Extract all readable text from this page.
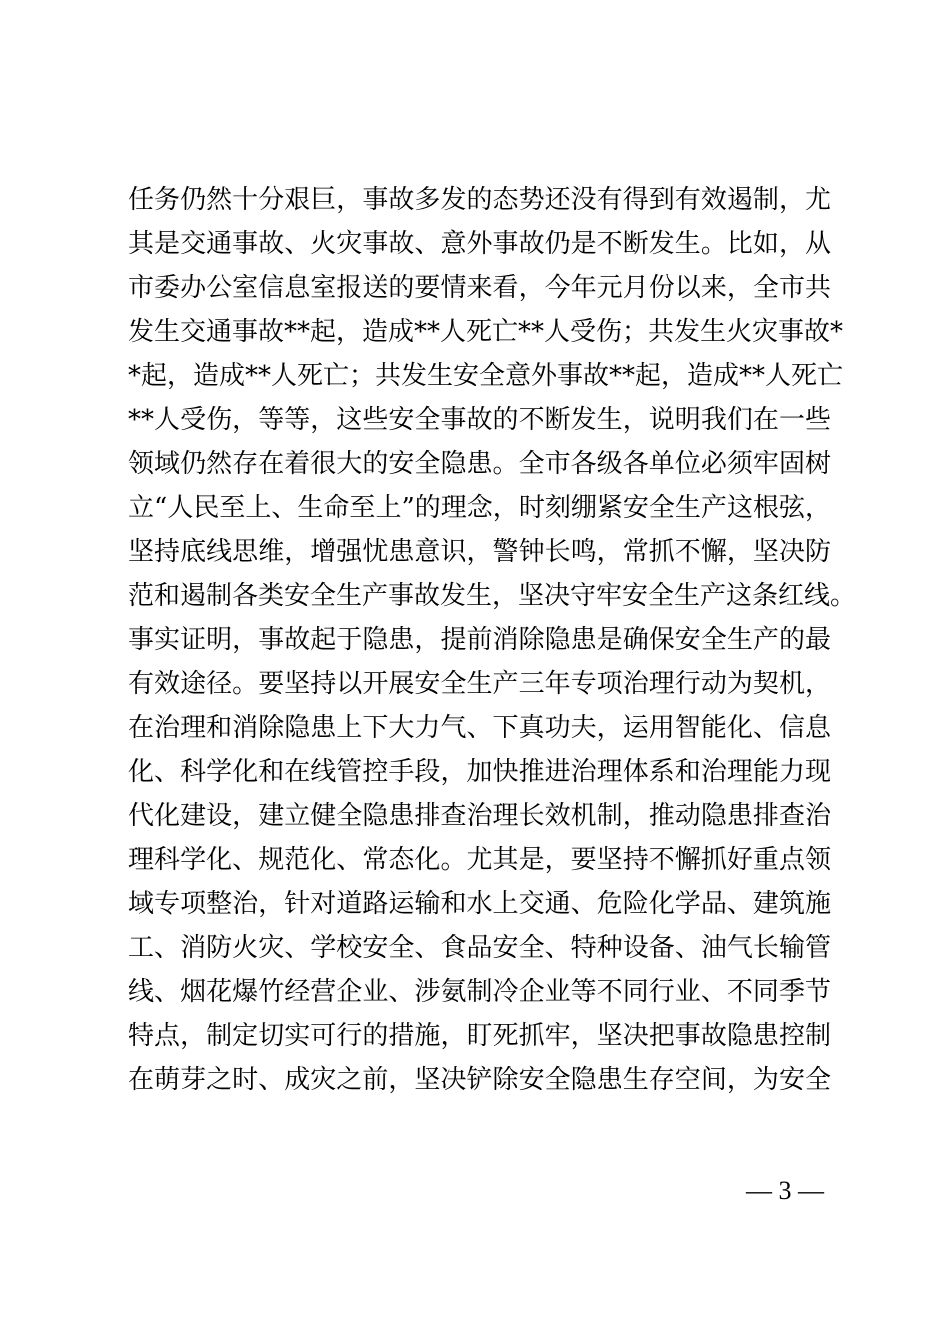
任务仍然十分艰巨，事故多发的态势还没有得到有效遏制，尤
其是交通事故、火灾事故、意外事故仍是不断发生。比如，从
市委办公室信息室报送的要情来看，今年元月份以来，全市共
发生交通事故**起，造成**人死亡**人受伤；共发生火灾事故*
*起，造成**人死亡；共发生安全意外事故**起，造成**人死亡
**人受伤，等等，这些安全事故的不断发生，说明我们在一些
领域仍然存在着很大的安全隐患。全市各级各单位必须牢固树
立“人民至上、生命至上”的理念，时刻绷紧安全生产这根弦，
坚持底线思维，增强忧患意识，警钟长鸣，常抓不懈，坚决防
范和遏制各类安全生产事故发生，坚决守牢安全生产这条红线。
事实证明，事故起于隐患，提前消除隐患是确保安全生产的最
有效途径。要坚持以开展安全生产三年专项治理行动为契机，
在治理和消除隐患上下大力气、下真功夫，运用智能化、信息
化、科学化和在线管控手段，加快推进治理体系和治理能力现
代化建设，建立健全隐患排查治理长效机制，推动隐患排查治
理科学化、规范化、常态化。尤其是，要坚持不懈抓好重点领
域专项整治，针对道路运输和水上交通、危险化学品、建筑施
工、消防火灾、学校安全、食品安全、特种设备、油气长输管
线、烟花爆竹经营企业、涉氨制冷企业等不同行业、不同季节
特点，制定切实可行的措施，盯死抓牢，坚决把事故隐患控制
在萌芽之时、成灾之前，坚决铲除安全隐患生存空间，为安全
— 3 —
